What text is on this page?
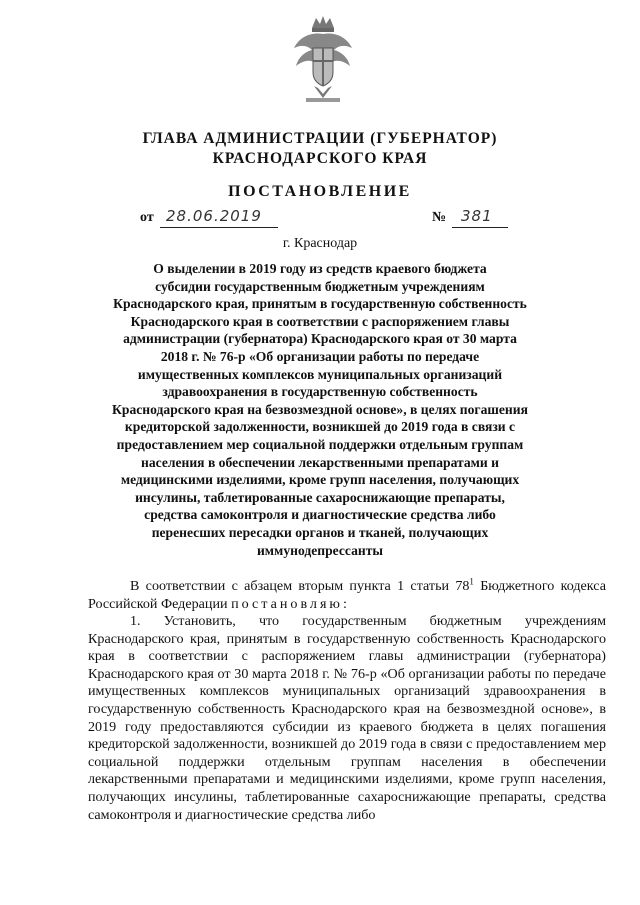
ГЛАВА АДМИНИСТРАЦИИ (ГУБЕРНАТОР)
КРАСНОДАРСКОГО КРАЯ
ПОСТАНОВЛЕНИЕ
от 28.06.2019	№ 381
г. Краснодар
О выделении в 2019 году из средств краевого бюджета
субсидии государственным бюджетным учреждениям
Краснодарского края, принятым в государственную собственность
Краснодарского края в соответствии с распоряжением главы
администрации (губернатора) Краснодарского края от 30 марта
2018 г. № 76-р «Об организации работы по передаче
имущественных комплексов муниципальных организаций
здравоохранения в государственную собственность
Краснодарского края на безвозмездной основе», в целях погашения
кредиторской задолженности, возникшей до 2019 года в связи с
предоставлением мер социальной поддержки отдельным группам
населения в обеспечении лекарственными препаратами и
медицинскими изделиями, кроме групп населения, получающих
инсулины, таблетированные сахароснижающие препараты,
средства самоконтроля и диагностические средства либо
перенесших пересадки органов и тканей, получающих
иммунодепрессанты
В соответствии с абзацем вторым пункта 1 статьи $78^1$ Бюджетного кодекса Российской Федерации постановляю:
1. Установить, что государственным бюджетным учреждениям Краснодарского края, принятым в государственную собственность Краснодарского края в соответствии с распоряжением главы администрации (губернатора) Краснодарского края от 30 марта 2018 г. № 76-р «Об организации работы по передаче имущественных комплексов муниципальных организаций здравоохранения в государственную собственность Краснодарского края на безвозмездной основе», в 2019 году предоставляются субсидии из краевого бюджета в целях погашения кредиторской задолженности, возникшей до 2019 года в связи с предоставлением мер социальной поддержки отдельным группам населения в обеспечении лекарственными препаратами и медицинскими изделиями, кроме групп населения, получающих инсулины, таблетированные сахароснижающие препараты, средства самоконтроля и диагностические средства либо
